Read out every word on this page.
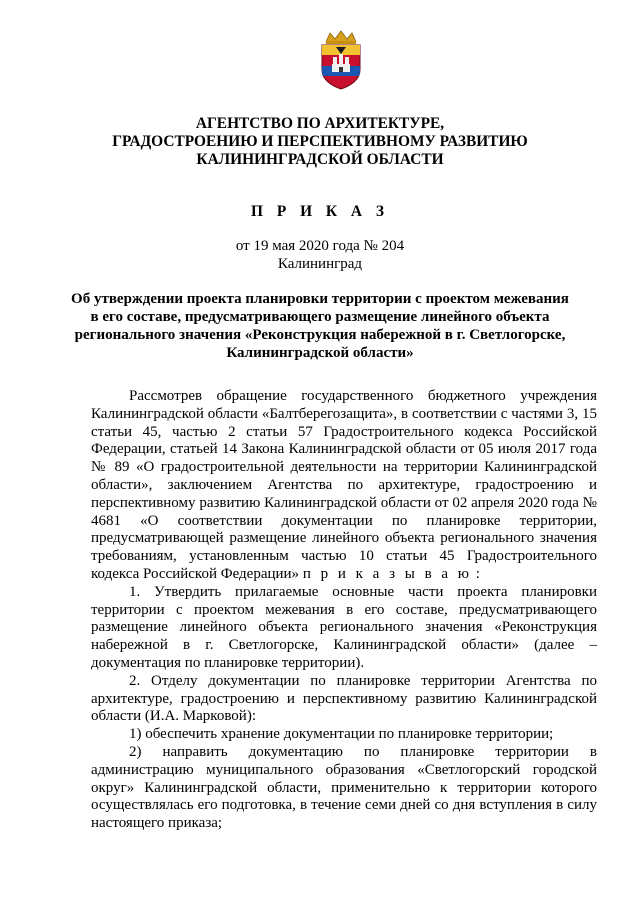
АГЕНТСТВО ПО АРХИТЕКТУРЕ,
ГРАДОСТРОЕНИЮ И ПЕРСПЕКТИВНОМУ РАЗВИТИЮ
КАЛИНИНГРАДСКОЙ ОБЛАСТИ
П Р И К А З
от 19 мая 2020 года № 204
Калининград
Об утверждении проекта планировки территории с проектом межевания
в его составе, предусматривающего размещение линейного объекта
регионального значения «Реконструкция набережной в г. Светлогорске,
Калининградской области»

Рассмотрев обращение государственного бюджетного учреждения Калининградской области «Балтберегозащита», в соответствии с частями 3, 15 статьи 45, частью 2 статьи 57 Градостроительного кодекса Российской Федерации, статьей 14 Закона Калининградской области от 05 июля 2017 года № 89 «О градостроительной деятельности на территории Калининградской области», заключением Агентства по архитектуре, градостроению и перспективному развитию Калининградской области от 02 апреля 2020 года № 4681 «О соответствии документации по планировке территории, предусматривающей размещение линейного объекта регионального значения требованиям, установленным частью 10 статьи 45 Градостроительного кодекса Российской Федерации» п р и к а з ы в а ю :

1. Утвердить прилагаемые основные части проекта планировки территории с проектом межевания в его составе, предусматривающего размещение линейного объекта регионального значения «Реконструкция набережной в г. Светлогорске, Калининградской области» (далее – документация по планировке территории).

2. Отделу документации по планировке территории Агентства по архитектуре, градостроению и перспективному развитию Калининградской области (И.А. Марковой):

1) обеспечить хранение документации по планировке территории;

2) направить документацию по планировке территории в администрацию муниципального образования «Светлогорский городской округ» Калининградской области, применительно к территории которого осуществлялась его подготовка, в течение семи дней со дня вступления в силу настоящего приказа;
